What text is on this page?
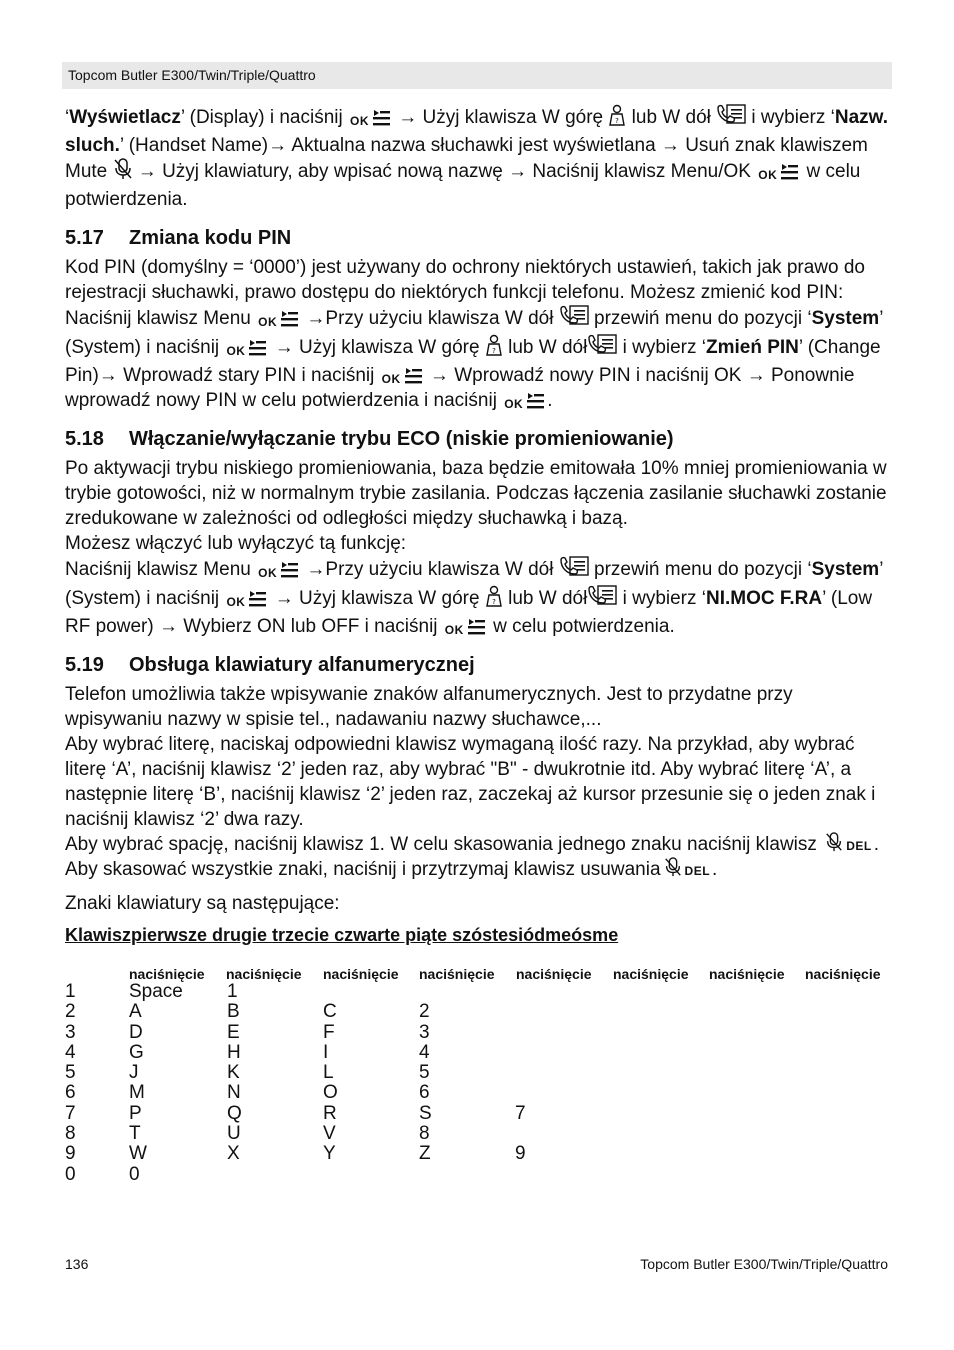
Topcom Butler E300/Twin/Triple/Quattro

‘Wyświetlacz’ (Display) i naciśnij OK → Użyj klawisza W górę ? lub W dół  i wybierz ‘Nazw. sluch.’ (Handset Name)→ Aktualna nazwa słuchawki jest wyświetlana → Usuń znak klawiszem Mute  → Użyj klawiatury, aby wpisać nową nazwę → Naciśnij klawisz Menu/OK OK w celu potwierdzenia.

5.17 Zmiana kodu PIN

Kod PIN (domyślny = ‘0000’) jest używany do ochrony niektórych ustawień, takich jak prawo do rejestracji słuchawki, prawo dostępu do niektórych funkcji telefonu. Możesz zmienić kod PIN:

Naciśnij klawisz Menu OK →Przy użyciu klawisza W dół  przewiń menu do pozycji ‘System’ (System) i naciśnij OK → Użyj klawisza W górę ? lub W dół i wybierz ‘Zmień PIN’ (Change Pin)→ Wprowadź stary PIN i naciśnij OK → Wprowadź nowy PIN i naciśnij OK → Ponownie wprowadź nowy PIN w celu potwierdzenia i naciśnij OK .

5.18 Włączanie/wyłączanie trybu ECO (niskie promieniowanie)

Po aktywacji trybu niskiego promieniowania, baza będzie emitowała 10% mniej promieniowania w trybie gotowości, niż w normalnym trybie zasilania. Podczas łączenia zasilanie słuchawki zostanie zredukowane w zależności od odległości między słuchawką i bazą.

Możesz włączyć lub wyłączyć tą funkcję:

Naciśnij klawisz Menu OK →Przy użyciu klawisza W dół  przewiń menu do pozycji ‘System’ (System) i naciśnij OK → Użyj klawisza W górę ? lub W dół i wybierz ‘NI.MOC F.RA’ (Low RF power) → Wybierz ON lub OFF i naciśnij OK w celu potwierdzenia.

5.19 Obsługa klawiatury alfanumerycznej

Telefon umożliwia także wpisywanie znaków alfanumerycznych. Jest to przydatne przy wpisywaniu nazwy w spisie tel., nadawaniu nazwy słuchawce,...

Aby wybrać literę, naciskaj odpowiedni klawisz wymaganą ilość razy. Na przykład, aby wybrać literę ‘A’, naciśnij klawisz ‘2’ jeden raz, aby wybrać "B" - dwukrotnie itd. Aby wybrać literę ‘A’, a następnie literę ‘B’, naciśnij klawisz ‘2’ jeden raz, zaczekaj aż kursor przesunie się o jeden znak i naciśnij klawisz ‘2’ dwa razy.

Aby wybrać spację, naciśnij klawisz 1. W celu skasowania jednego znaku naciśnij klawisz DEL . Aby skasować wszystkie znaki, naciśnij i przytrzymaj klawisz usuwania DEL .

Znaki klawiatury są następujące:

Klawiszpierwsze drugie trzecie czwarte piąte szóstesiódmeósme
naciśnięcie naciśnięcie naciśnięcie naciśnięcie naciśnięcie naciśnięcie naciśnięcie naciśnięcie
1	Space 1
2	A	B	C	2
3	D	E	F	3
4	G	H	I	4
5	J	K	L	5
6	M	N	O	6
7	P	Q	R	S	7
8	T	U	V	8
9	W	X	Y	Z	9
0	0
136	Topcom Butler E300/Twin/Triple/Quattro
